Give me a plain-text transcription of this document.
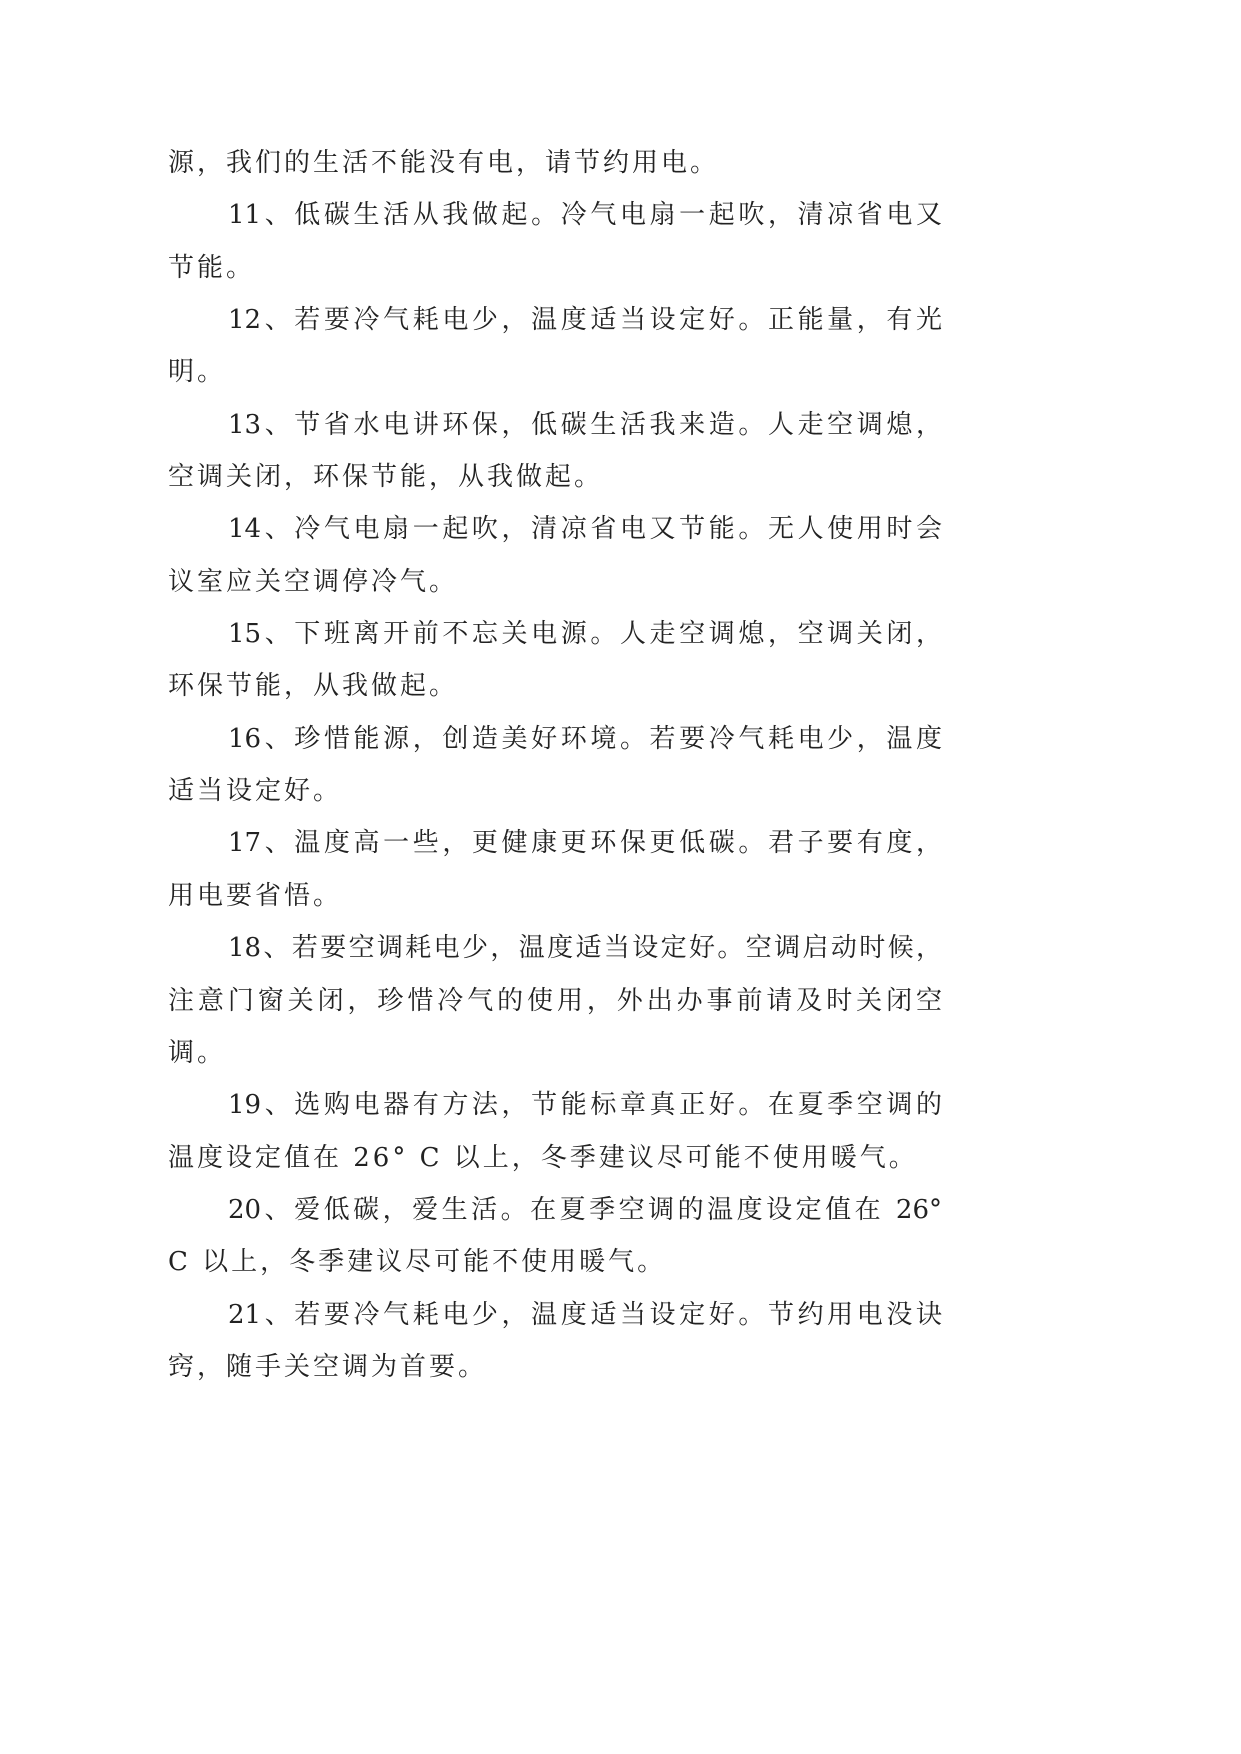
源，我们的生活不能没有电，请节约用电。
11、低碳生活从我做起。冷气电扇一起吹，清凉省电又
节能。
12、若要冷气耗电少，温度适当设定好。正能量，有光
明。
13、节省水电讲环保，低碳生活我来造。人走空调熄，
空调关闭，环保节能，从我做起。
14、冷气电扇一起吹，清凉省电又节能。无人使用时会
议室应关空调停冷气。
15、下班离开前不忘关电源。人走空调熄，空调关闭，
环保节能，从我做起。
16、珍惜能源，创造美好环境。若要冷气耗电少，温度
适当设定好。
17、温度高一些，更健康更环保更低碳。君子要有度，
用电要省悟。
18、若要空调耗电少，温度适当设定好。空调启动时候，
注意门窗关闭，珍惜冷气的使用，外出办事前请及时关闭空
调。
19、选购电器有方法，节能标章真正好。在夏季空调的
温度设定值在 26° C 以上，冬季建议尽可能不使用暖气。
20、爱低碳，爱生活。在夏季空调的温度设定值在 26°
C 以上，冬季建议尽可能不使用暖气。
21、若要冷气耗电少，温度适当设定好。节约用电没诀
窍，随手关空调为首要。
